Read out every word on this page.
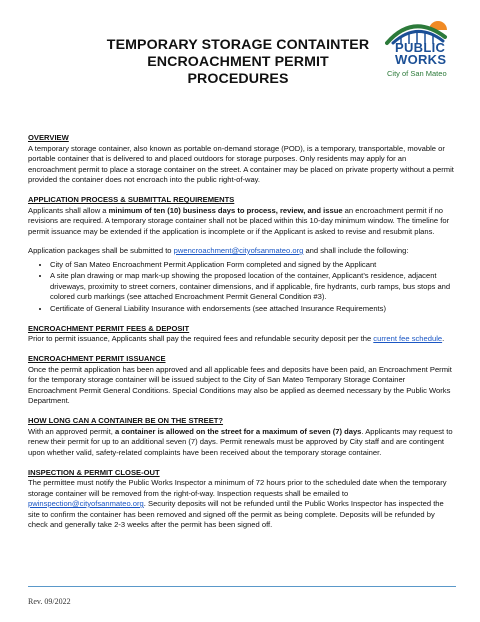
TEMPORARY STORAGE CONTAINTER
ENCROACHMENT PERMIT
PROCEDURES
PUBLIC
WORKS
City of San Mateo
OVERVIEW

A temporary storage container, also known as portable on-demand storage (POD), is a temporary, transportable, movable or portable container that is delivered to and placed outdoors for storage purposes. Only residents may apply for an encroachment permit to place a storage container on the street. A container may be placed on private property without a permit provided the container does not encroach into the public right-of-way.

APPLICATION PROCESS & SUBMITTAL REQUIREMENTS

Applicants shall allow a minimum of ten (10) business days to process, review, and issue an encroachment permit if no revisions are required. A temporary storage container shall not be placed within this 10-day minimum window. The timeline for permit issuance may be extended if the application is incomplete or if the Applicant is asked to revise and resubmit plans.

Application packages shall be submitted to pwencroachment@cityofsanmateo.org and shall include the following:

• City of San Mateo Encroachment Permit Application Form completed and signed by the Applicant
• A site plan drawing or map mark-up showing the proposed location of the container, Applicant’s residence, adjacent driveways, proximity to street corners, container dimensions, and if applicable, fire hydrants, curb ramps, bus stops and colored curb markings (see attached Encroachment Permit General Condition #3).
• Certificate of General Liability Insurance with endorsements (see attached Insurance Requirements)
ENCROACHMENT PERMIT FEES & DEPOSIT

Prior to permit issuance, Applicants shall pay the required fees and refundable security deposit per the current fee schedule.

ENCROACHMENT PERMIT ISSUANCE

Once the permit application has been approved and all applicable fees and deposits have been paid, an Encroachment Permit for the temporary storage container will be issued subject to the City of San Mateo Temporary Storage Container Encroachment Permit General Conditions. Special Conditions may also be applied as deemed necessary by the Public Works Department.

HOW LONG CAN A CONTAINER BE ON THE STREET?

With an approved permit, a container is allowed on the street for a maximum of seven (7) days. Applicants may request to renew their permit for up to an additional seven (7) days. Permit renewals must be approved by City staff and are contingent upon whether valid, safety-related complaints have been received about the temporary storage container.

INSPECTION & PERMIT CLOSE-OUT

The permittee must notify the Public Works Inspector a minimum of 72 hours prior to the scheduled date when the temporary storage container will be removed from the right-of-way. Inspection requests shall be emailed to pwinspection@cityofsanmateo.org. Security deposits will not be refunded until the Public Works Inspector has inspected the site to confirm the container has been removed and signed off the permit as being complete. Deposits will be refunded by check and generally take 2-3 weeks after the permit has been signed off.

Rev. 09/2022
